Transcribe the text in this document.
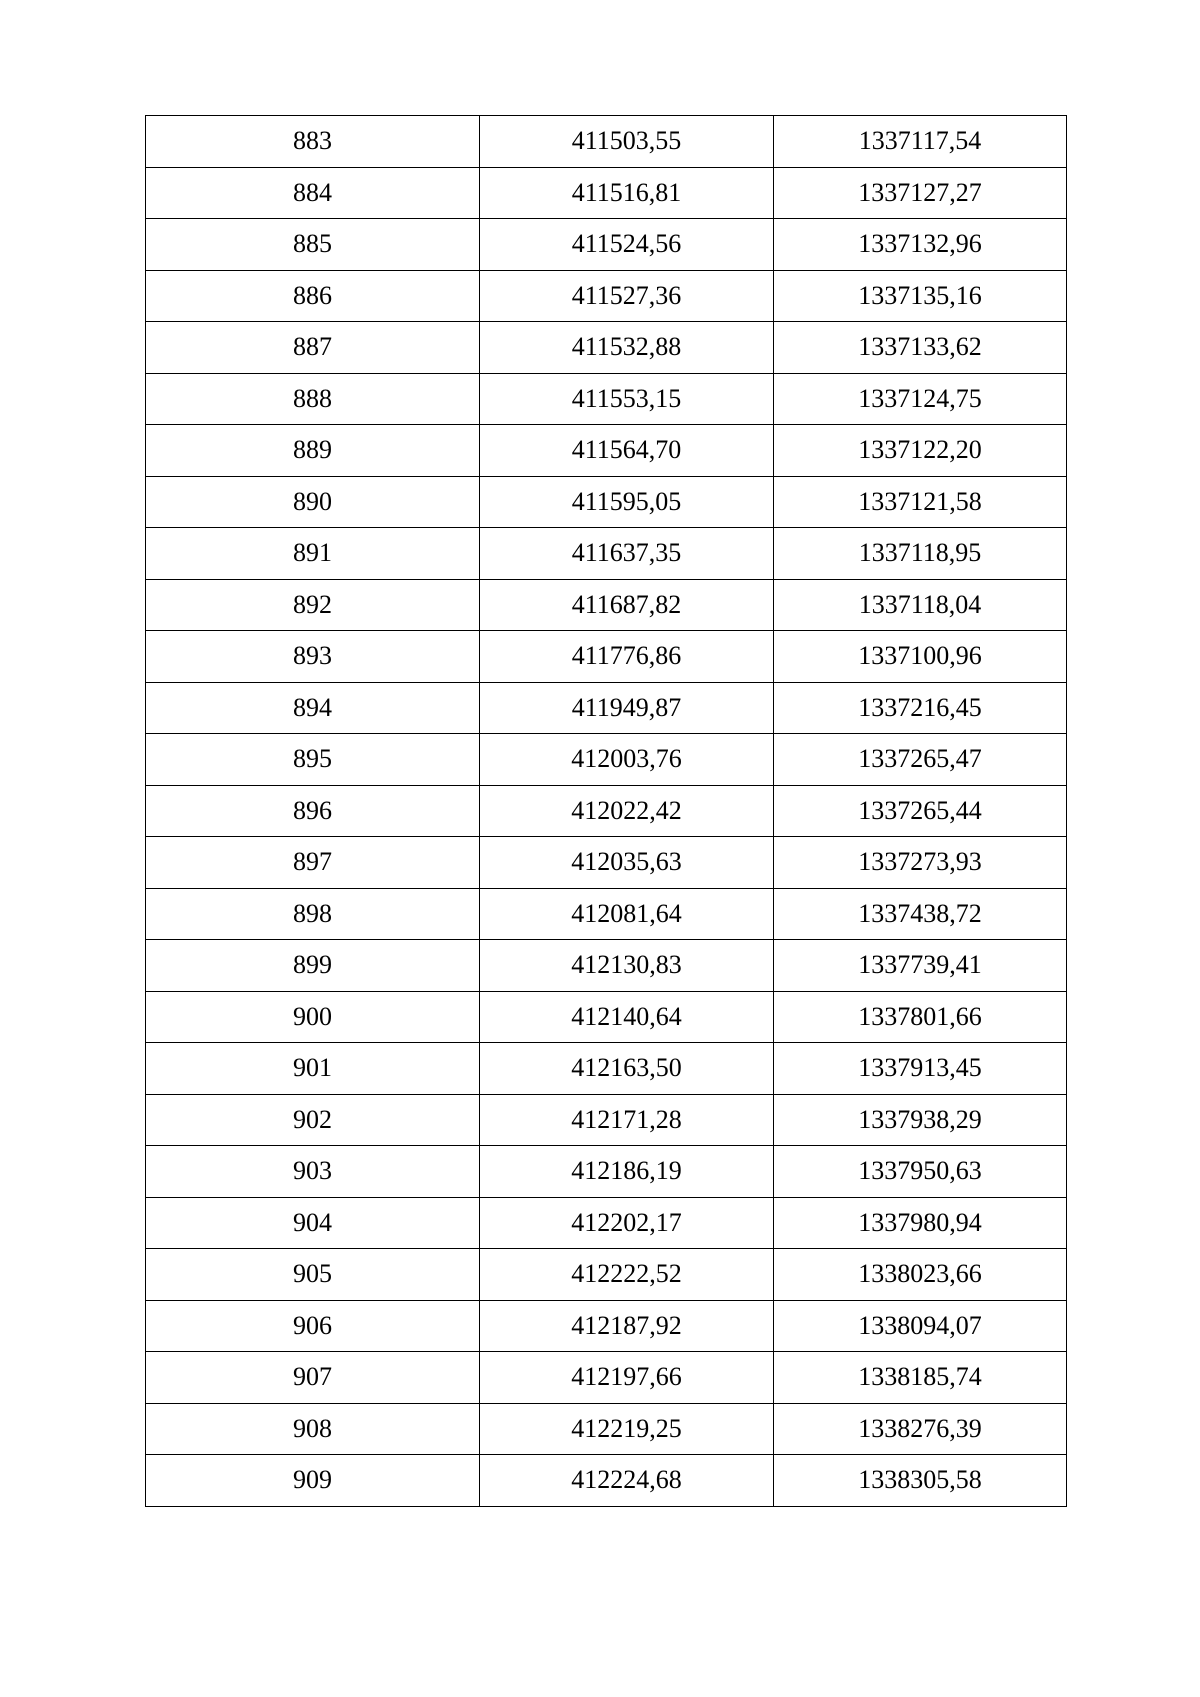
883	411503,55	1337117,54
884	411516,81	1337127,27
885	411524,56	1337132,96
886	411527,36	1337135,16
887	411532,88	1337133,62
888	411553,15	1337124,75
889	411564,70	1337122,20
890	411595,05	1337121,58
891	411637,35	1337118,95
892	411687,82	1337118,04
893	411776,86	1337100,96
894	411949,87	1337216,45
895	412003,76	1337265,47
896	412022,42	1337265,44
897	412035,63	1337273,93
898	412081,64	1337438,72
899	412130,83	1337739,41
900	412140,64	1337801,66
901	412163,50	1337913,45
902	412171,28	1337938,29
903	412186,19	1337950,63
904	412202,17	1337980,94
905	412222,52	1338023,66
906	412187,92	1338094,07
907	412197,66	1338185,74
908	412219,25	1338276,39
909	412224,68	1338305,58
